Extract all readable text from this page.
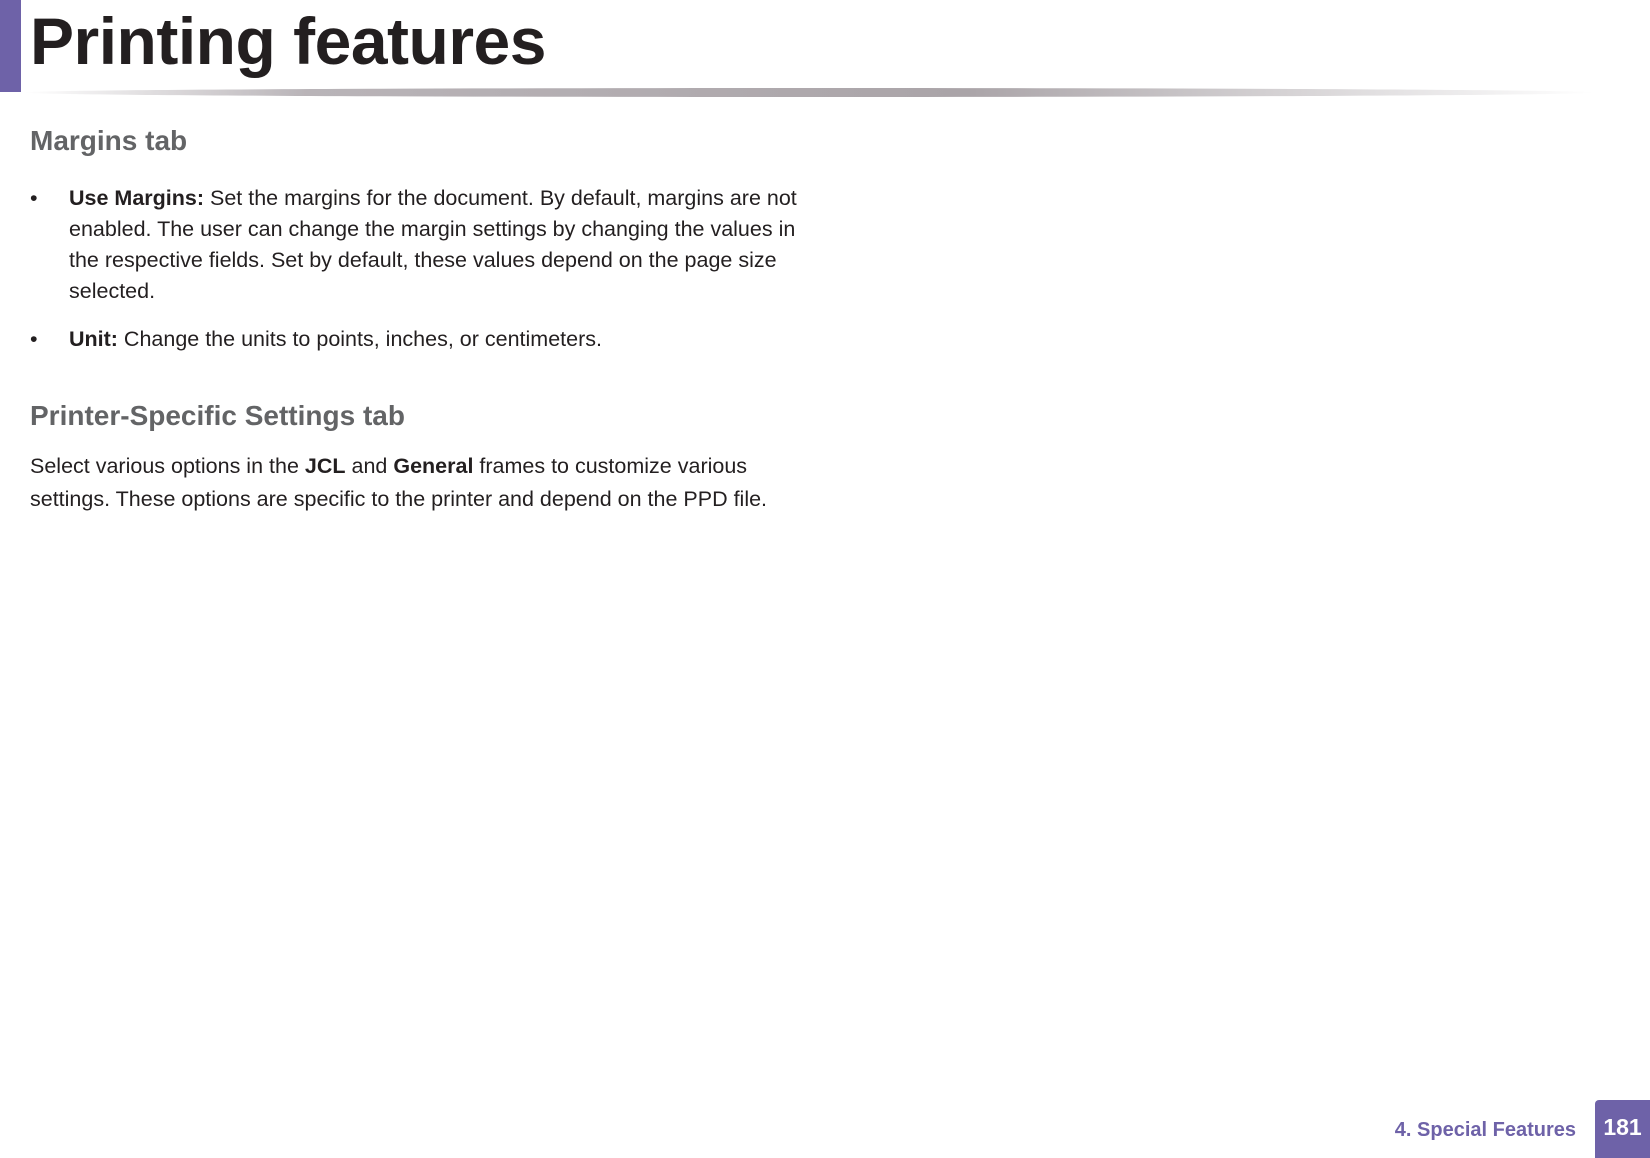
Printing features
Margins tab
• Use Margins: Set the margins for the document. By default, margins are not enabled. The user can change the margin settings by changing the values in the respective fields. Set by default, these values depend on the page size selected.
• Unit: Change the units to points, inches, or centimeters.
Printer-Specific Settings tab

Select various options in the JCL and General frames to customize various settings. These options are specific to the printer and depend on the PPD file.

4. Special Features	181
